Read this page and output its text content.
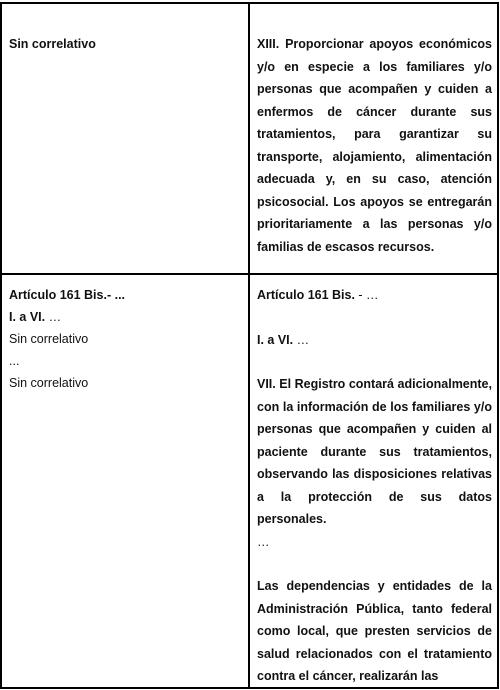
Sin correlativo	XIII. Proporcionar apoyos económicos y/o en especie a los familiares y/o personas que acompañen y cuiden a enfermos de cáncer durante sus tratamientos, para garantizar su transporte, alojamiento, alimentación adecuada y, en su caso, atención psicosocial. Los apoyos se entregarán prioritariamente a las personas y/o familias de escasos recursos.
Artículo 161 Bis.- ...
I. a VI. …
Sin correlativo
...
Sin correlativo
Artículo 161 Bis. - …
I. a VI. …
VII. El Registro contará adicionalmente, con la información de los familiares y/o personas que acompañen y cuiden al paciente durante sus tratamientos, observando las disposiciones relativas a la protección de sus datos personales.
…
Las dependencias y entidades de la Administración Pública, tanto federal como local, que presten servicios de salud relacionados con el tratamiento contra el cáncer, realizarán las
